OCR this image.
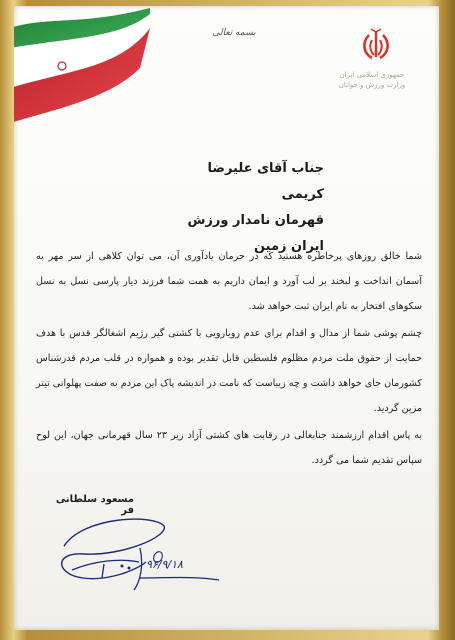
جمهوری اسلامی ایران
وزارت ورزش و جوانان
بسمه تعالی
جناب آقای علیرضا کریمی
قهرمان نامدار ورزش ایران زمین

شما خالق روزهای پرخاطره هستید که در حرمان یادآوری آن، می توان کلاهی از سر مهر به آسمان انداخت و لبخند بر لب آورد و ایمان داریم به همت شما فرزند دیار پارسی نسل به نسل سکوهای افتخار به نام ایران ثبت خواهد شد.

چشم پوشی شما از مدال و اقدام برای عدم رویارویی با کشتی گیر رژیم اشغالگر قدس با هدف حمایت از حقوق ملت مردم مظلوم فلسطین قابل تقدیر بوده و همواره در قلب مردم قدرشناس کشورمان جای خواهد داشت و چه زیباست که نامت در اندیشه پاک این مردم به صفت پهلوانی تیتر مزین گردید.

به پاس اقدام ارزشمند جنابعالی در رقابت های کشتی آزاد زیر ۲۳ سال قهرمانی جهان، این لوح سپاس تقدیم شما می گردد.

مسعود سلطانی فر
۹۶/۹/۱۸
